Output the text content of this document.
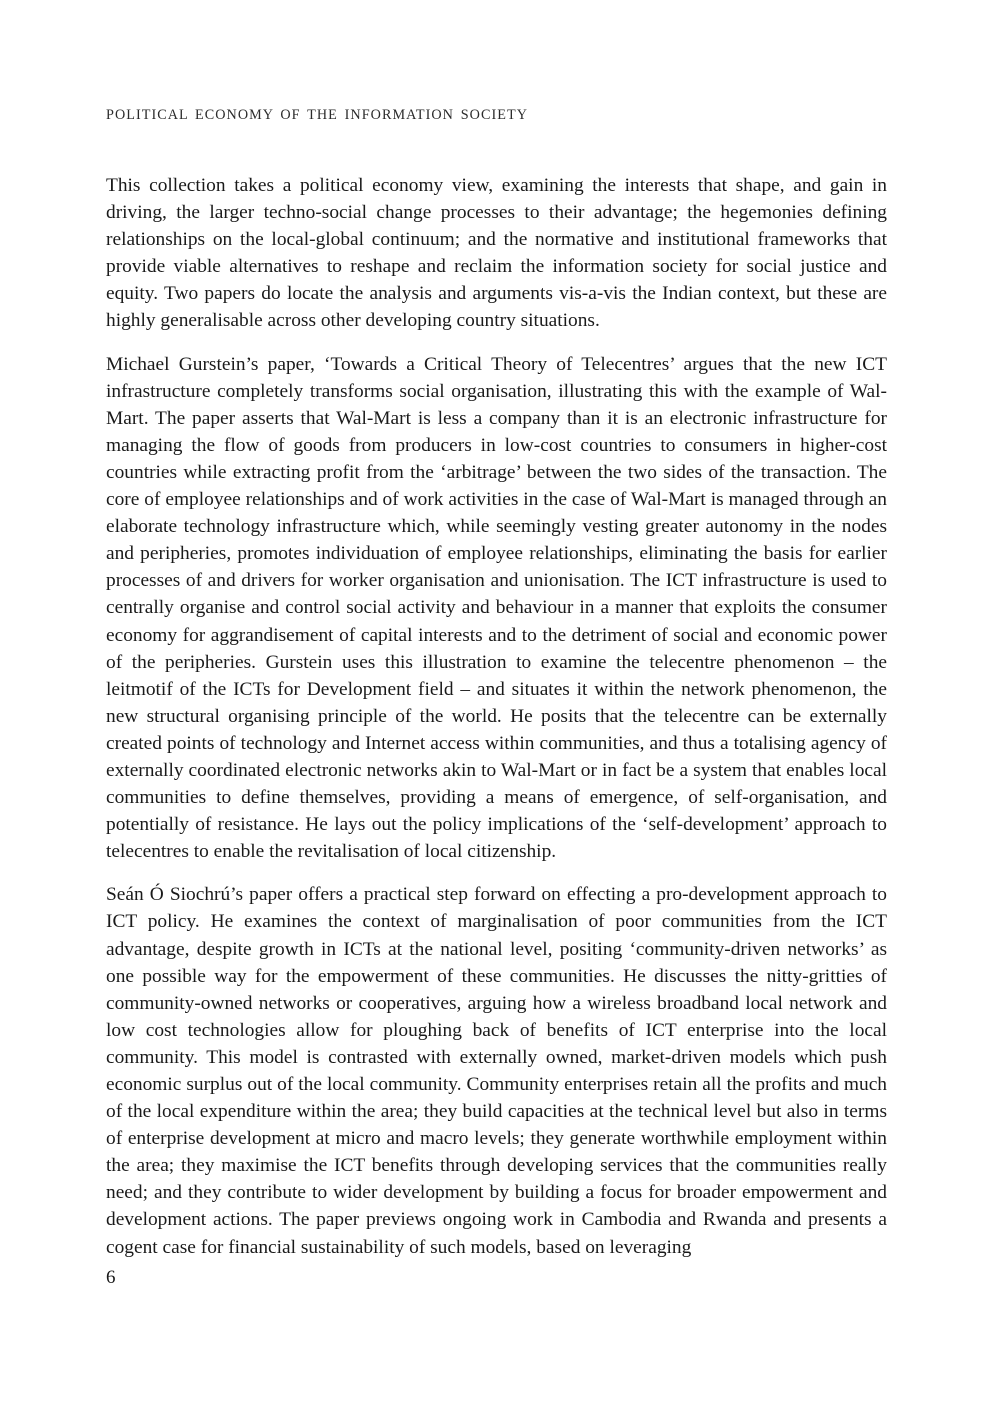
POLITICAL ECONOMY OF THE INFORMATION SOCIETY

This collection takes a political economy view, examining the interests that shape, and gain in driving, the larger techno-social change processes to their advantage; the hegemonies defining relationships on the local-global continuum; and the normative and institutional frameworks that provide viable alternatives to reshape and reclaim the information society for social justice and equity. Two papers do locate the analysis and arguments vis-a-vis the Indian context, but these are highly generalisable across other developing country situations.

Michael Gurstein’s paper, ‘Towards a Critical Theory of Telecentres’ argues that the new ICT infrastructure completely transforms social organisation, illustrating this with the example of Wal-Mart. The paper asserts that Wal-Mart is less a company than it is an electronic infrastructure for managing the flow of goods from producers in low-cost countries to consumers in higher-cost countries while extracting profit from the ‘arbitrage’ between the two sides of the transaction. The core of employee relationships and of work activities in the case of Wal-Mart is managed through an elaborate technology infrastructure which, while seemingly vesting greater autonomy in the nodes and peripheries, promotes individuation of employee relationships, eliminating the basis for earlier processes of and drivers for worker organisation and unionisation. The ICT infrastructure is used to centrally organise and control social activity and behaviour in a manner that exploits the consumer economy for aggrandisement of capital interests and to the detriment of social and economic power of the peripheries. Gurstein uses this illustration to examine the telecentre phenomenon – the leitmotif of the ICTs for Development field – and situates it within the network phenomenon, the new structural organising principle of the world. He posits that the telecentre can be externally created points of technology and Internet access within communities, and thus a totalising agency of externally coordinated electronic networks akin to Wal-Mart or in fact be a system that enables local communities to define themselves, providing a means of emergence, of self-organisation, and potentially of resistance. He lays out the policy implications of the ‘self-development’ approach to telecentres to enable the revitalisation of local citizenship.

Seán Ó Siochrú’s paper offers a practical step forward on effecting a pro-development approach to ICT policy. He examines the context of marginalisation of poor communities from the ICT advantage, despite growth in ICTs at the national level, positing ‘community-driven networks’ as one possible way for the empowerment of these communities. He discusses the nitty-gritties of community-owned networks or cooperatives, arguing how a wireless broadband local network and low cost technologies allow for ploughing back of benefits of ICT enterprise into the local community. This model is contrasted with externally owned, market-driven models which push economic surplus out of the local community. Community enterprises retain all the profits and much of the local expenditure within the area; they build capacities at the technical level but also in terms of enterprise development at micro and macro levels; they generate worthwhile employment within the area; they maximise the ICT benefits through developing services that the communities really need; and they contribute to wider development by building a focus for broader empowerment and development actions. The paper previews ongoing work in Cambodia and Rwanda and presents a cogent case for financial sustainability of such models, based on leveraging

6
